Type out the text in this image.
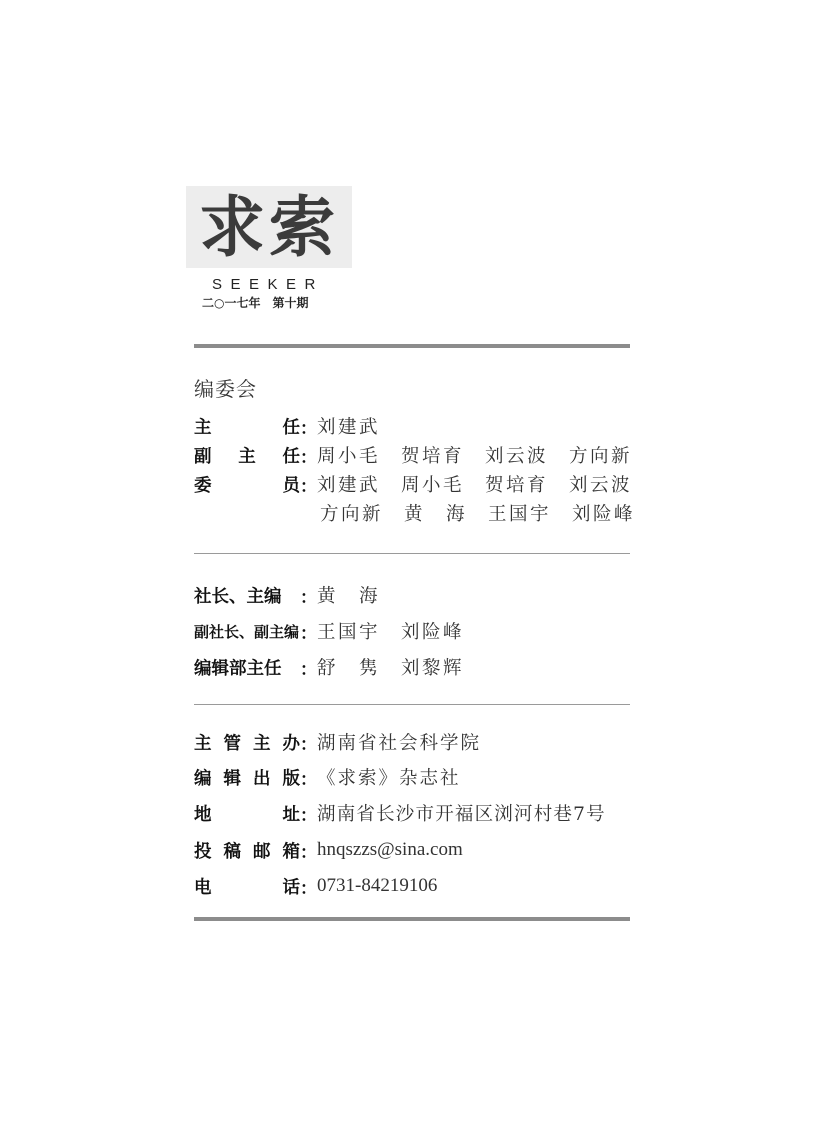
求索
SEEKER
二○一七年　第十期
编委会
主	任 ： 刘建武
副 主 任 ： 周小毛	贺培育	刘云波	方向新
委	员 ： 刘建武	周小毛	贺培育	刘云波
方向新	黄　海	王国宇	刘险峰
社长、主编	： 黄　海
副社长、副主编 ： 王国宇	刘险峰
编辑部主任	： 舒　隽	刘黎辉
主 管 主 办 ： 湖南省社会科学院
编 辑 出 版 ： 《求索》杂志社
地	址 ： 湖南省长沙市开福区浏河村巷7号
投 稿 邮 箱 ： hnqszzs@sina.com
电	话 ： 0731-84219106
